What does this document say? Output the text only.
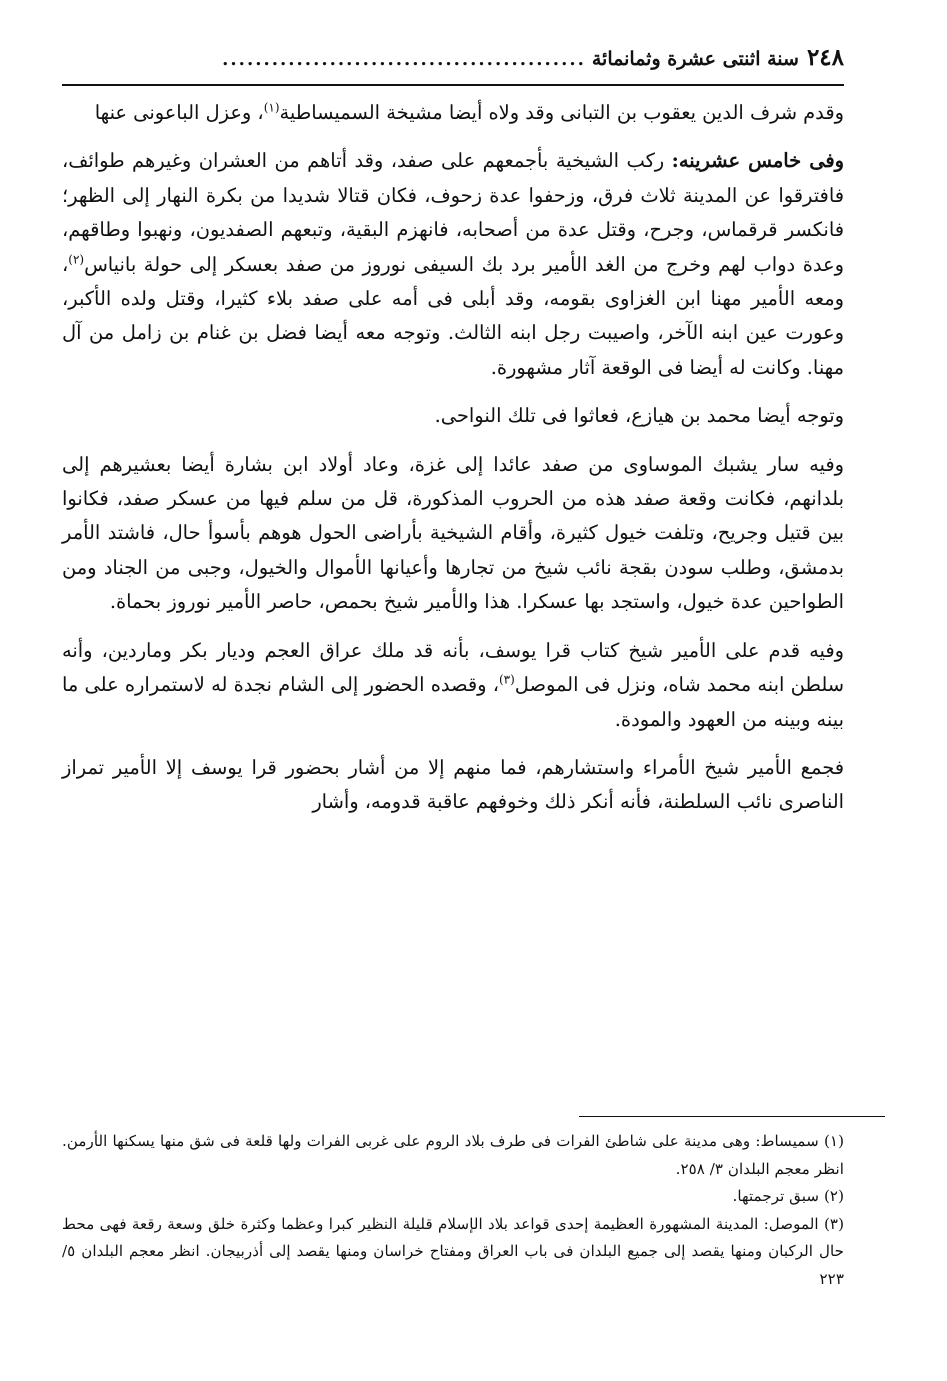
٢٤٨
سنة اثنتى عشرة وثمانمائة
............................................

وقدم شرف الدين يعقوب بن التبانى وقد ولاه أيضا مشيخة السميساطية$^{(١)}$، وعزل الباعونى عنها

وفى خامس عشرينه: ركب الشيخية بأجمعهم على صفد، وقد أتاهم من العشران وغيرهم طوائف، فافترقوا عن المدينة ثلاث فرق، وزحفوا عدة زحوف، فكان قتالا شديدا من بكرة النهار إلى الظهر؛ فانكسر قرقماس، وجرح، وقتل عدة من أصحابه، فانهزم البقية، وتبعهم الصفديون، ونهبوا وطاقهم، وعدة دواب لهم وخرج من الغد الأمير برد بك السيفى نوروز من صفد بعسكر إلى حولة بانياس$^{(٢)}$، ومعه الأمير مهنا ابن الغزاوى بقومه، وقد أبلى فى أمه على صفد بلاء كثيرا، وقتل ولده الأكبر، وعورت عين ابنه الآخر، واصيبت رجل ابنه الثالث. وتوجه معه أيضا فضل بن غنام بن زامل من آل مهنا. وكانت له أيضا فى الوقعة آثار مشهورة.

وتوجه أيضا محمد بن هيازع، فعاثوا فى تلك النواحى.

وفيه سار يشبك الموساوى من صفد عائدا إلى غزة، وعاد أولاد ابن بشارة أيضا بعشيرهم إلى بلدانهم، فكانت وقعة صفد هذه من الحروب المذكورة، قل من سلم فيها من عسكر صفد، فكانوا بين قتيل وجريح، وتلفت خيول كثيرة، وأقام الشيخية بأراضى الحول هوهم بأسوأ حال، فاشتد الأمر بدمشق، وطلب سودن بقجة نائب شيخ من تجارها وأعيانها الأموال والخيول، وجبى من الجناد ومن الطواحين عدة خيول، واستجد بها عسكرا. هذا والأمير شيخ بحمص، حاصر الأمير نوروز بحماة.

وفيه قدم على الأمير شيخ كتاب قرا يوسف، بأنه قد ملك عراق العجم وديار بكر وماردين، وأنه سلطن ابنه محمد شاه، ونزل فى الموصل$^{(٣)}$، وقصده الحضور إلى الشام نجدة له لاستمراره على ما بينه وبينه من العهود والمودة.

فجمع الأمير شيخ الأمراء واستشارهم، فما منهم إلا من أشار بحضور قرا يوسف إلا الأمير تمراز الناصرى نائب السلطنة، فأنه أنكر ذلك وخوفهم عاقبة قدومه، وأشار

(١) سميساط: وهى مدينة على شاطئ الفرات فى طرف بلاد الروم على غربى الفرات ولها قلعة فى شق منها يسكنها الأرمن. انظر معجم البلدان ٣/ ٢٥٨.

(٢) سبق ترجمتها.

(٣) الموصل: المدينة المشهورة العظيمة إحدى قواعد بلاد الإسلام قليلة النظير كبرا وعظما وكثرة خلق وسعة رقعة فهى محط حال الركبان ومنها يقصد إلى جميع البلدان فى باب العراق ومفتاح خراسان ومنها يقصد إلى أذربيجان. انظر معجم البلدان ٥/ ٢٢٣
